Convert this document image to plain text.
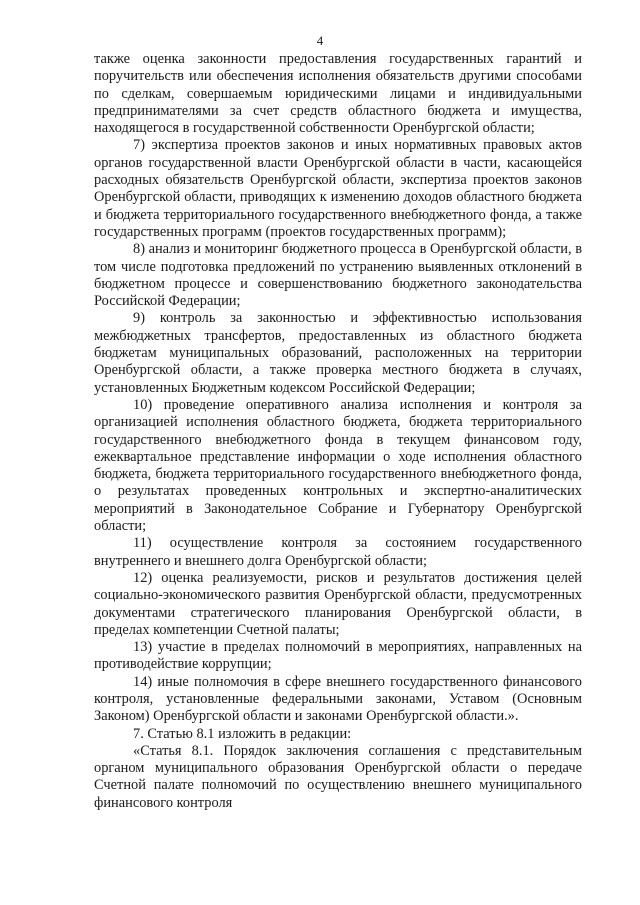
4

также оценка законности предоставления государственных гарантий и поручительств или обеспечения исполнения обязательств другими способами по сделкам, совершаемым юридическими лицами и индивидуальными предпринимателями за счет средств областного бюджета и имущества, находящегося в государственной собственности Оренбургской области;

7) экспертиза проектов законов и иных нормативных правовых актов органов государственной власти Оренбургской области в части, касающейся расходных обязательств Оренбургской области, экспертиза проектов законов Оренбургской области, приводящих к изменению доходов областного бюджета и бюджета территориального государственного внебюджетного фонда, а также государственных программ (проектов государственных программ);

8) анализ и мониторинг бюджетного процесса в Оренбургской области, в том числе подготовка предложений по устранению выявленных отклонений в бюджетном процессе и совершенствованию бюджетного законодательства Российской Федерации;

9) контроль за законностью и эффективностью использования межбюджетных трансфертов, предоставленных из областного бюджета бюджетам муниципальных образований, расположенных на территории Оренбургской области, а также проверка местного бюджета в случаях, установленных Бюджетным кодексом Российской Федерации;

10) проведение оперативного анализа исполнения и контроля за организацией исполнения областного бюджета, бюджета территориального государственного внебюджетного фонда в текущем финансовом году, ежеквартальное представление информации о ходе исполнения областного бюджета, бюджета территориального государственного внебюджетного фонда, о результатах проведенных контрольных и экспертно-аналитических мероприятий в Законодательное Собрание и Губернатору Оренбургской области;

11) осуществление контроля за состоянием государственного внутреннего и внешнего долга Оренбургской области;

12) оценка реализуемости, рисков и результатов достижения целей социально-экономического развития Оренбургской области, предусмотренных документами стратегического планирования Оренбургской области, в пределах компетенции Счетной палаты;

13) участие в пределах полномочий в мероприятиях, направленных на противодействие коррупции;

14) иные полномочия в сфере внешнего государственного финансового контроля, установленные федеральными законами, Уставом (Основным Законом) Оренбургской области и законами Оренбургской области.».

7. Статью 8.1 изложить в редакции:

«Статья 8.1. Порядок заключения соглашения с представительным органом муниципального образования Оренбургской области о передаче Счетной палате полномочий по осуществлению внешнего муниципального финансового контроля
